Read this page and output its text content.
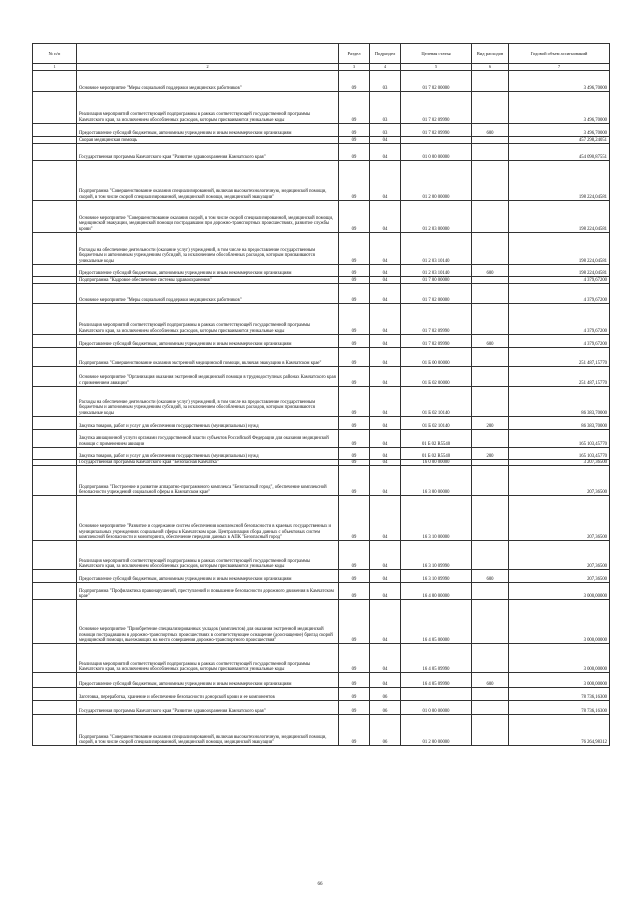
№ п/п		Раздел	Подраздел	Целевая статья	Вид расходов	Годовой объем ассигнований
1	2	3	4	5	6	7
	Основное мероприятие "Меры социальной поддержки медицинских работников"	09	03	01 7 02 00000		3 496,70000
	Реализация мероприятий соответствующей подпрограммы в рамках соответствующей государственной программы Камчатского края, за исключением обособленных расходов, которым присваиваются уникальные коды	09	03	01 7 02 09990		3 496,70000
	Предоставление субсидий бюджетным, автономным учреждениям и иным некоммерческим организациям	09	03	01 7 02 09990	600	3 496,70000
	Скорая медицинская помощь	09	04			457 298,24051
	Государственная программа Камчатского края "Развитие здравоохранения Камчатского края"	09	04	01 0 00 00000		454 090,87551
	Подпрограмма "Совершенствование оказания специализированной, включая высокотехнологичную, медицинской помощи, скорой, в том числе скорой специализированной, медицинской помощи, медицинской эвакуации"	09	04	01 2 00 00000		198 224,04581
	Основное мероприятие "Совершенствование оказания скорой, в том числе скорой специализированной, медицинской помощи, медицинской эвакуации, медицинской помощи пострадавшим при дорожно-транспортных происшествиях, развитие службы крови"	09	04	01 2 03 00000		198 224,04581
	Расходы на обеспечение деятельности (оказание услуг) учреждений, в том числе на предоставление государственным бюджетным и автономным учреждениям субсидий, за исключением обособленных расходов, которым присваиваются уникальные коды	09	04	01 2 03 10140		198 224,04581
	Предоставление субсидий бюджетным, автономным учреждениям и иным некоммерческим организациям	09	04	01 2 03 10140	600	198 224,04581
	Подпрограмма "Кадровое обеспечение системы здравоохранения"	09	04	01 7 00 00000		4 379,67200
	Основное мероприятие "Меры социальной поддержки медицинских работников"	09	04	01 7 02 00000		4 379,67200
	Реализация мероприятий соответствующей подпрограммы в рамках соответствующей государственной программы Камчатского края, за исключением обособленных расходов, которым присваиваются уникальные коды	09	04	01 7 02 09990		4 379,67200
	Предоставление субсидий бюджетным, автономным учреждениям и иным некоммерческим организациям	09	04	01 7 02 09990	600	4 379,67200
	Подпрограмма "Совершенствование оказания экстренной медицинской помощи, включая эвакуацию в Камчатском крае"	09	04	01 Б 00 00000		251 487,15770
	Основное мероприятие "Организация оказания экстренной медицинской помощи в труднодоступных районах Камчатского края с применением авиации"	09	04	01 Б 02 00000		251 487,15770
	Расходы на обеспечение деятельности (оказание услуг) учреждений, в том числе на предоставление государственным бюджетным и автономным учреждениям субсидий, за исключением обособленных расходов, которым присваиваются уникальные коды	09	04	01 Б 02 10140		86 383,70000
	Закупка товаров, работ и услуг для обеспечения государственных (муниципальных) нужд	09	04	01 Б 02 10140	200	86 383,70000
	Закупка авиационной услуги органами государственной власти субъектов Российской Федерации для оказания медицинской помощи с применением авиации	09	04	01 Б 02 R5540		165 103,45770
	Закупка товаров, работ и услуг для обеспечения государственных (муниципальных) нужд	09	04	01 Б 02 R5540	200	165 103,45770
	Государственная программа Камчатского края "Безопасная Камчатка"	09	04	16 0 00 00000		3 207,36500
	Подпрограмма "Построение и развитие аппаратно-программного комплекса "Безопасный город", обеспечение комплексной безопасности учреждений социальной сферы в Камчатском крае"	09	04	16 3 00 00000		207,36500
	Основное мероприятие "Развитие и содержание систем обеспечения комплексной безопасности в краевых государственных и муниципальных учреждениях социальной сферы в Камчатском крае. Централизация сбора данных с объектовых систем комплексной безопасности и мониторинга, обеспечение передачи данных в АПК "Безопасный город"	09	04	16 3 10 00000		207,36500
	Реализация мероприятий соответствующей подпрограммы в рамках соответствующей государственной программы Камчатского края, за исключением обособленных расходов, которым присваиваются уникальные коды	09	04	16 3 10 09990		207,36500
	Предоставление субсидий бюджетным, автономным учреждениям и иным некоммерческим организациям	09	04	16 3 10 09990	600	207,36500
	Подпрограмма "Профилактика правонарушений, преступлений и повышение безопасности дорожного движения в Камчатском крае"	09	04	16 4 00 00000		3 000,00000
	Основное мероприятие "Приобретение специализированных укладок (комплектов) для оказания экстренной медицинской помощи пострадавшим в дорожно-транспортных происшествиях в соответствующее оснащение (дооснащение) бригад скорой медицинской помощи, выезжающих на место совершения дорожно-транспортного происшествия"	09	04	16 4 05 00000		3 000,00000
	Реализация мероприятий соответствующей подпрограммы в рамках соответствующей государственной программы Камчатского края, за исключением обособленных расходов, которым присваиваются уникальные коды	09	04	16 4 05 09990		3 000,00000
	Предоставление субсидий бюджетным, автономным учреждениям и иным некоммерческим организациям	09	04	16 4 05 09990	600	3 000,00000
	Заготовка, переработка, хранение и обеспечение безопасности донорской крови и ее компонентов	09	06			78 736,16300
	Государственная программа Камчатского края "Развитие здравоохранения Камчатского края"	09	06	01 0 00 00000		78 736,16300
	Подпрограмма "Совершенствование оказания специализированной, включая высокотехнологичную, медицинской помощи, скорой, в том числе скорой специализированной, медицинской помощи, медицинской эвакуации"	09	06	01 2 00 00000		76 264,98312
66
